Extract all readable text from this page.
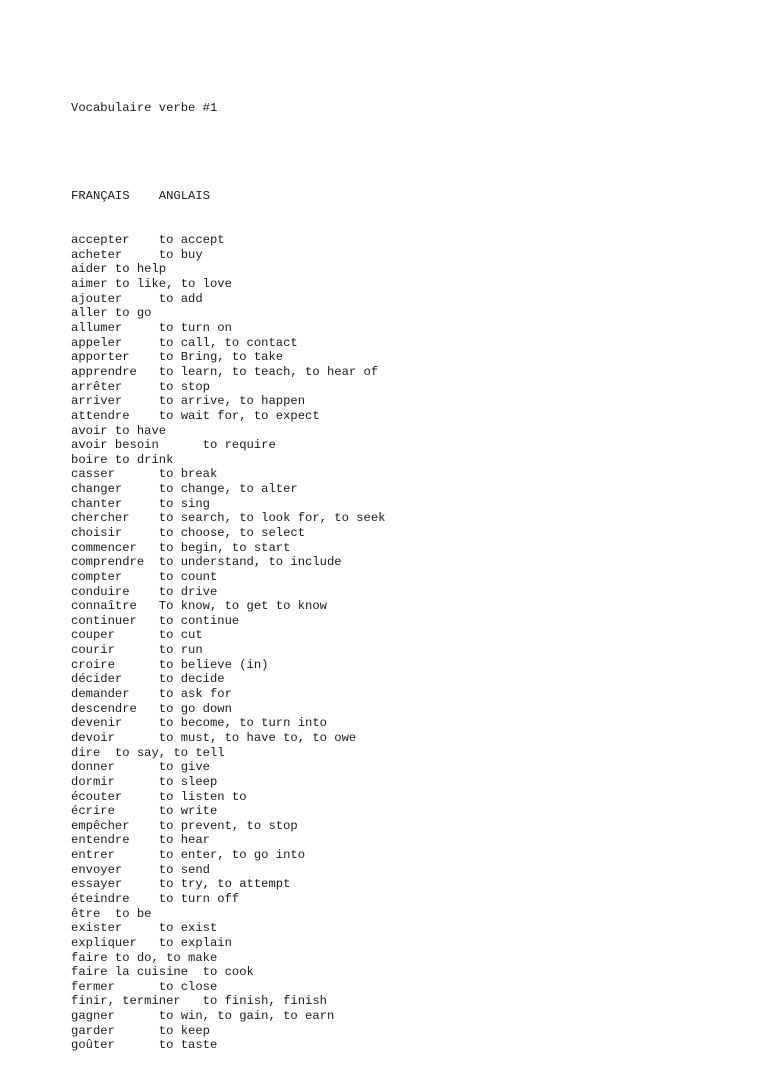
Vocabulaire verbe #1

FRANÇAIS    ANGLAIS

accepter    to accept
acheter     to buy
aider to help
aimer to like, to love
ajouter     to add
aller to go
allumer     to turn on
appeler     to call, to contact
apporter    to Bring, to take
apprendre   to learn, to teach, to hear of
arrêter     to stop
arriver     to arrive, to happen
attendre    to wait for, to expect
avoir to have
avoir besoin      to require
boire to drink
casser      to break
changer     to change, to alter
chanter     to sing
chercher    to search, to look for, to seek
choisir     to choose, to select
commencer   to begin, to start
comprendre  to understand, to include
compter     to count
conduire    to drive
connaître   To know, to get to know
continuer   to continue
couper      to cut
courir      to run
croire      to believe (in)
décider     to decide
demander    to ask for
descendre   to go down
devenir     to become, to turn into
devoir      to must, to have to, to owe
dire  to say, to tell
donner      to give
dormir      to sleep
écouter     to listen to
écrire      to write
empêcher    to prevent, to stop
entendre    to hear
entrer      to enter, to go into
envoyer     to send
essayer     to try, to attempt
éteindre    to turn off
être  to be
exister     to exist
expliquer   to explain
faire to do, to make
faire la cuisine  to cook
fermer      to close
finir, terminer   to finish, finish
gagner      to win, to gain, to earn
garder      to keep
goûter      to taste
